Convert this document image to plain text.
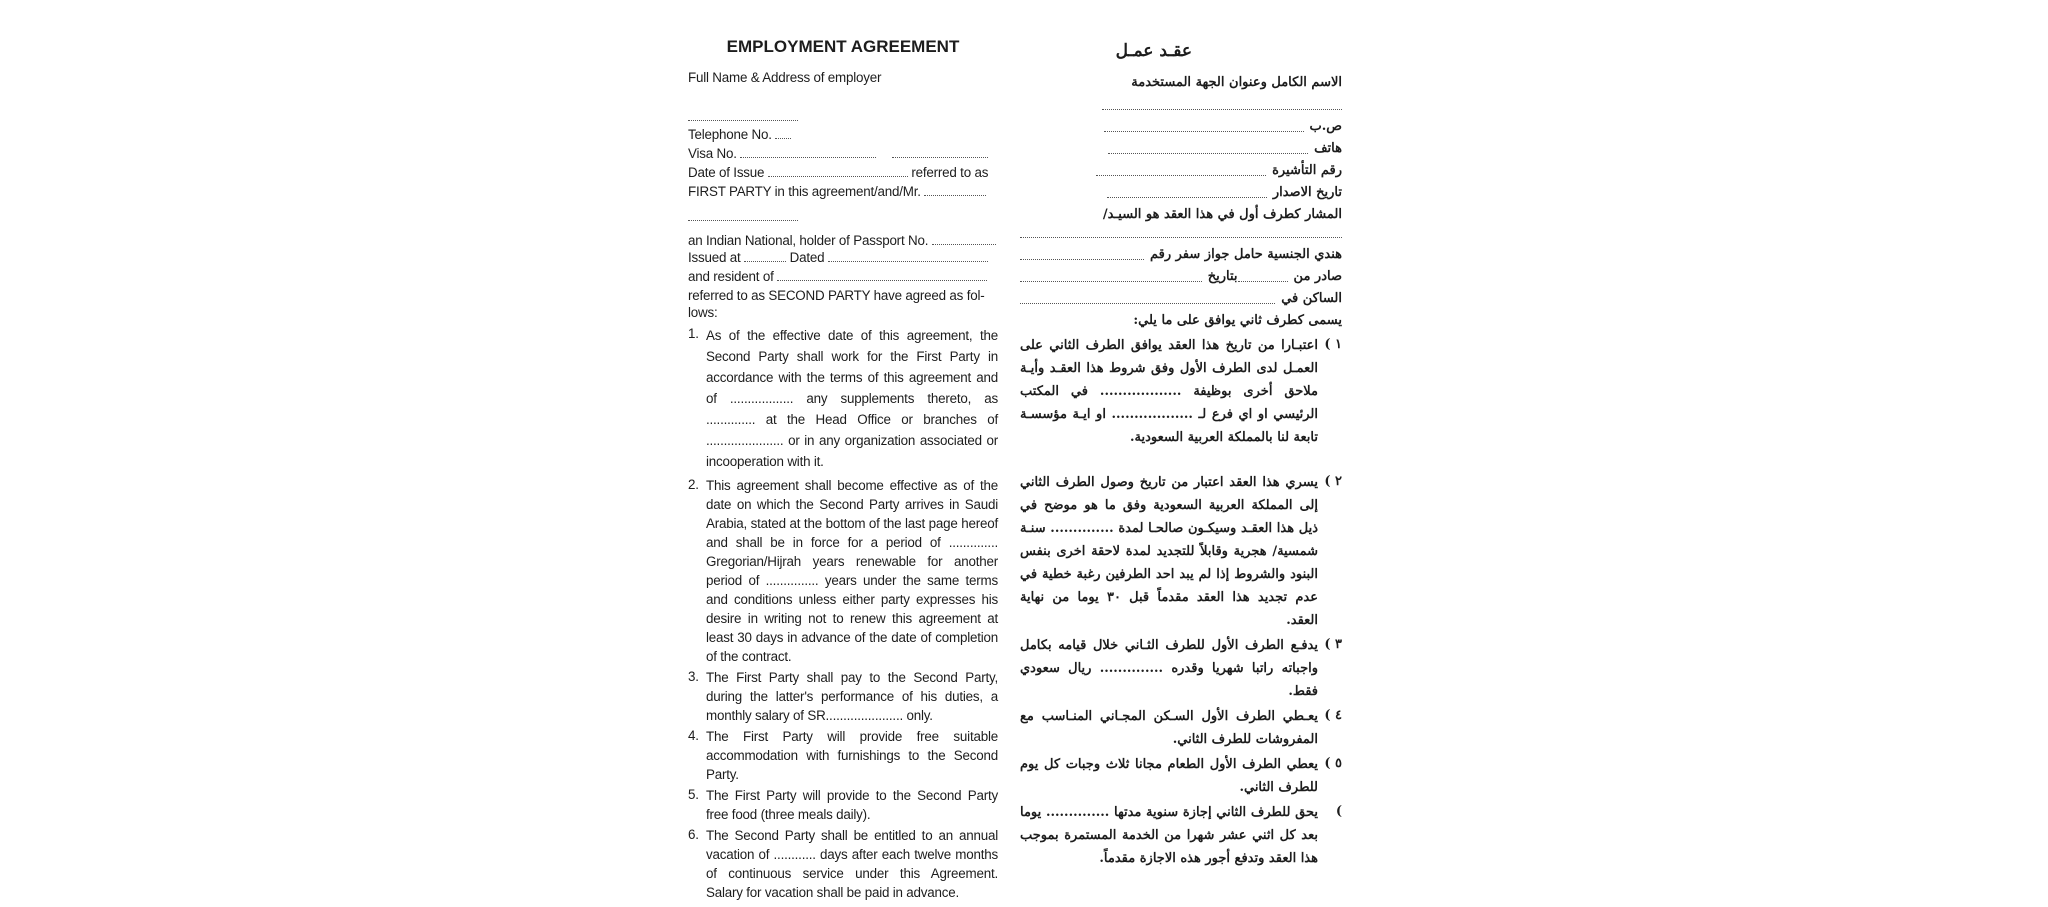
EMPLOYMENT AGREEMENT
Full Name & Address of employer
Telephone No.
Visa No.
Date of Issue	referred to as
FIRST PARTY in this agreement/and/Mr.
an Indian National, holder of Passport No.
Issued at	Dated
and resident of
referred to as SECOND PARTY have agreed as fol-
lows:
1. As of the effective date of this agreement, the Second Party shall work for the First Party in accordance with the terms of this agreement and of .................. any supplements thereto, as .............. at the Head Office or branches of ...................... or in any organization associated or incooperation with it.
2. This agreement shall become effective as of the date on which the Second Party arrives in Saudi Arabia, stated at the bottom of the last page hereof and shall be in force for a period of .............. Gregorian/Hijrah years renewable for another period of ............... years under the same terms and conditions unless either party expresses his desire in writing not to renew this agreement at least 30 days in advance of the date of completion of the contract.
3. The First Party shall pay to the Second Party, during the latter's performance of his duties, a monthly salary of SR...................... only.
4. The First Party will provide free suitable accommodation with furnishings to the Second Party.
5. The First Party will provide to the Second Party free food (three meals daily).
6. The Second Party shall be entitled to an annual vacation of ............ days after each twelve months of continuous service under this Agreement. Salary for vacation shall be paid in advance.
عقـد عمـل
الاسم الكامل وعنوان الجهة المستخدمة
ص.ب
هاتف
رقم التأشيرة
تاريخ الاصدار
المشار كطرف أول في هذا العقد هو السيـد/
هندي الجنسية حامل جواز سفر رقم
صادر من
بتاريخ
الساكن في
يسمى كطرف ثاني يوافق على ما يلي:
١ )
اعتبـارا من تاريخ هذا العقد يوافق الطرف الثاني على العمـل لدى الطرف الأول وفق شروط هذا العقـد وأيـة ملاحق أخرى بوظيفة .................. في المكتب الرئيسي او اي فرع لـ .................. او ايـة مؤسسـة تابعة لنا بالمملكة العربية السعودية.
٢ )
يسري هذا العقد اعتبار من تاريخ وصول الطرف الثاني إلى المملكة العربية السعودية وفق ما هو موضح في ذيل هذا العقـد وسيكـون صالحـا لمدة .............. سنـة شمسية/ هجرية وقابلاً للتجديد لمدة لاحقة اخرى بنفس البنود والشروط إذا لم يبد احد الطرفين رغبة خطية في عدم تجديد هذا العقد مقدماً قبل ٣٠ يوما من نهاية العقد.
٣ )
يدفـع الطرف الأول للطرف الثـاني خلال قيامه بكامل واجباته راتبا شهريا وقدره .............. ريال سعودي فقط.
٤ )
يعـطي الطرف الأول السـكن المجـاني المنـاسب مع المفروشات للطرف الثاني.
٥ )
يعطي الطرف الأول الطعام مجانا ثلاث وجبات كل يوم للطرف الثاني.
)
يحق للطرف الثاني إجازة سنوية مدتها .............. يوما بعد كل اثني عشر شهرا من الخدمة المستمرة بموجب هذا العقد وتدفع أجور هذه الاجازة مقدماً.
